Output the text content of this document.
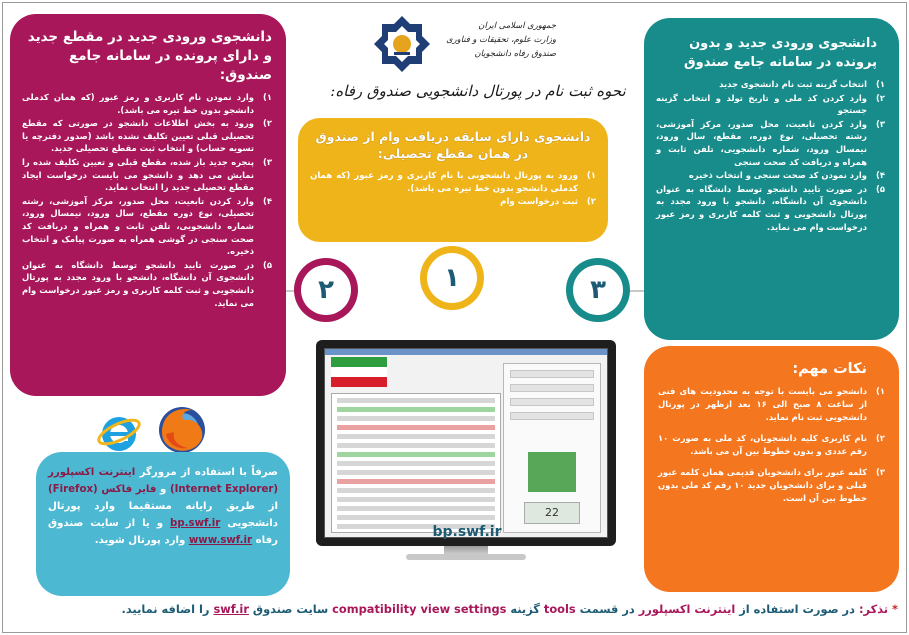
جمهوری اسلامی ایران
وزارت علوم، تحقیقات و فناوری
صندوق رفاه دانشجویان
نحوه ثبت نام در پورتال دانشجویی صندوق رفاه:
دانشجوی ورودی جدید در مقطع جدید و دارای پرونده در سامانه جامع صندوق:
۱)
وارد نمودن نام کاربری و رمز عبور (که همان کدملی دانشجو بدون خط تیره می باشد).
۲)
ورود به بخش اطلاعات دانشجو در صورتی که مقطع تحصیلی قبلی تعیین تکلیف نشده باشد (صدور دفترچه یا تسویه حساب) و انتخاب ثبت مقطع تحصیلی جدید.
۳)
پنجره جدید باز شده، مقطع قبلی و تعیین تکلیف شده را نمایش می دهد و دانشجو می بایست درخواست ایجاد مقطع تحصیلی جدید را انتخاب نماید.
۴)
وارد کردن تابعیت، محل صدور، مرکز آموزشی، رشته تحصیلی، نوع دوره مقطع، سال ورود، نیمسال ورود، شماره دانشجویی، تلفن ثابت و همراه و دریافت کد صحت سنجی در گوشی همراه به صورت پیامک و انتخاب ذخیره.
۵)
در صورت تایید دانشجو توسط دانشگاه به عنوان دانشجوی آن دانشگاه، دانشجو با ورود مجدد به پورتال دانشجویی و ثبت کلمه کاربری و رمز عبور درخواست وام می نماید.
دانشجوی دارای سابقه دریافت وام از صندوق در همان مقطع تحصیلی:
۱)
ورود به پورتال دانشجویی با نام کاربری و رمز عبور (که همان کدملی دانشجو بدون خط تیره می باشد).
۲)
ثبت درخواست وام
دانشجوی ورودی جدید و بدون پرونده در سامانه جامع صندوق
۱)
انتخاب گزینه ثبت نام دانشجوی جدید
۲)
وارد کردن کد ملی و تاریخ تولد و انتخاب گزینه جستجو
۳)
وارد کردن تابعیت، محل صدور، مرکز آموزشی، رشته تحصیلی، نوع دوره، مقطع، سال ورود، نیمسال ورود، شماره دانشجویی، تلفن ثابت و همراه و دریافت کد صحت سنجی
۴)
وارد نمودن کد صحت سنجی و انتخاب ذخیره
۵)
در صورت تایید دانشجو توسط دانشگاه به عنوان دانشجوی آن دانشگاه، دانشجو با ورود مجدد به پورتال دانشجویی و ثبت کلمه کاربری و رمز عبور درخواست وام می نماید.
نکات مهم:
۱)
دانشجو می بایست با توجه به محدودیت های فنی از ساعت ۸ صبح الی ۱۶ بعد ازظهر در پورتال دانشجویی ثبت نام نماید.
۲)
نام کاربری کلیه دانشجویان، کد ملی به صورت ۱۰ رقم عددی و بدون خطوط بین آن می باشد.
۳)
کلمه عبور برای دانشجویان قدیمی همان کلمه عبور قبلی و برای دانشجویان جدید ۱۰ رقم کد ملی بدون خطوط بین آن است.

صرفاً با استفاده از مرورگر اینترنت اکسپلورر (Internet Explorer) و فایر فاکس (Firefox) از طریق رایانه مستقیما وارد پورتال دانشجویی bp.swf.ir و یا از سایت صندوق رفاه www.swf.ir وارد پورتال شوید.

۲	۱	۳
22
bp.swf.ir
* تذکر: در صورت استفاده از اینترنت اکسپلورر در قسمت tools گزینه compatibility view settings سایت صندوق swf.ir را اضافه نمایید.
